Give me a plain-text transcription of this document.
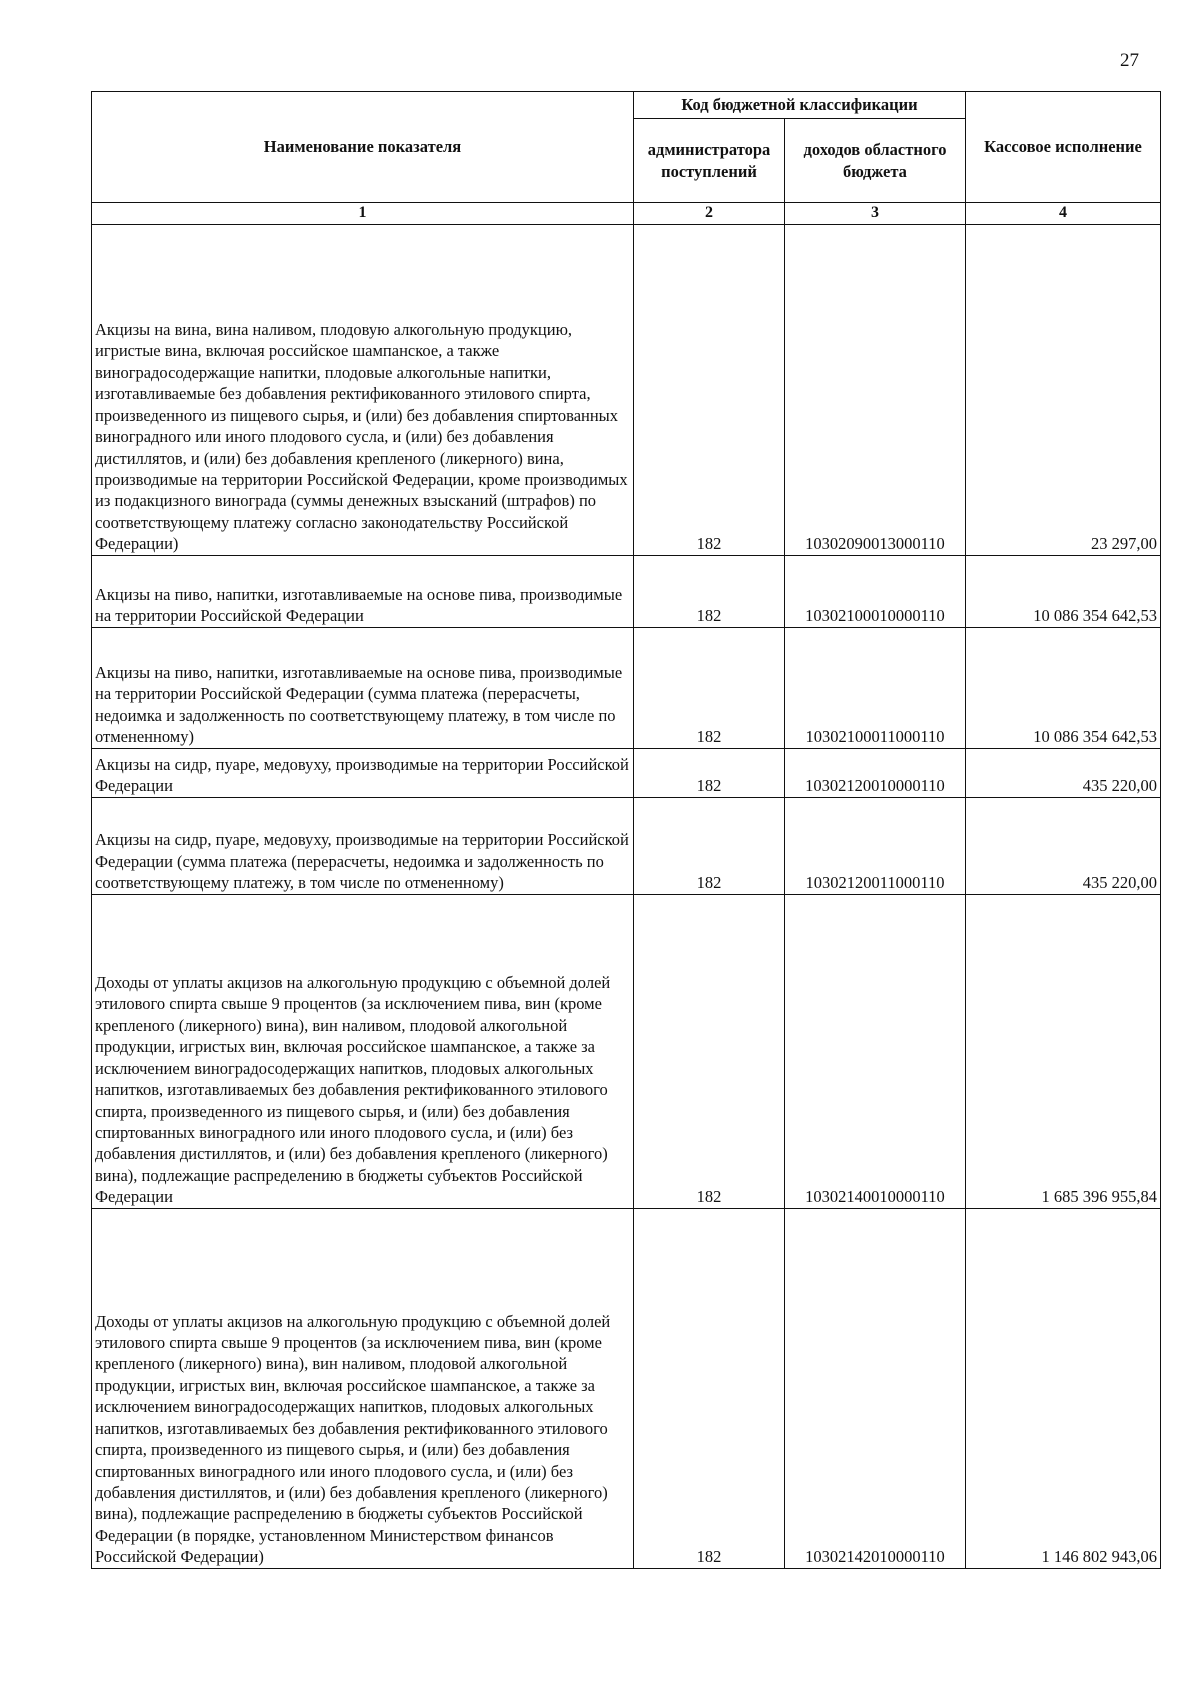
27
Наименование показателя	Код бюджетной классификации		Кассовое исполнение
	администратора поступлений	доходов областного бюджета	
1	2	3	4
Акцизы на вина, вина наливом, плодовую алкогольную продукцию, игристые вина, включая российское шампанское, а также виноградосодержащие напитки, плодовые алкогольные напитки, изготавливаемые без добавления ректификованного этилового спирта, произведенного из пищевого сырья, и (или) без добавления спиртованных виноградного или иного плодового сусла, и (или) без добавления дистиллятов, и (или) без добавления крепленого (ликерного) вина, производимые на территории Российской Федерации, кроме производимых из подакцизного винограда (суммы денежных взысканий (штрафов) по соответствующему платежу согласно законодательству Российской Федерации)	182	10302090013000110	23 297,00
Акцизы на пиво, напитки, изготавливаемые на основе пива, производимые на территории Российской Федерации	182	10302100010000110	10 086 354 642,53
Акцизы на пиво, напитки, изготавливаемые на основе пива, производимые на территории Российской Федерации (сумма платежа (перерасчеты, недоимка и задолженность по соответствующему платежу, в том числе по отмененному)	182	10302100011000110	10 086 354 642,53
Акцизы на сидр, пуаре, медовуху, производимые на территории Российской Федерации	182	10302120010000110	435 220,00
Акцизы на сидр, пуаре, медовуху, производимые на территории Российской Федерации (сумма платежа (перерасчеты, недоимка и задолженность по соответствующему платежу, в том числе по отмененному)	182	10302120011000110	435 220,00
Доходы от уплаты акцизов на алкогольную продукцию с объемной долей этилового спирта свыше 9 процентов (за исключением пива, вин (кроме крепленого (ликерного) вина), вин наливом, плодовой алкогольной продукции, игристых вин, включая российское шампанское, а также за исключением виноградосодержащих напитков, плодовых алкогольных напитков, изготавливаемых без добавления ректификованного этилового спирта, произведенного из пищевого сырья, и (или) без добавления спиртованных виноградного или иного плодового сусла, и (или) без добавления дистиллятов, и (или) без добавления крепленого (ликерного) вина), подлежащие распределению в бюджеты субъектов Российской Федерации	182	10302140010000110	1 685 396 955,84
Доходы от уплаты акцизов на алкогольную продукцию с объемной долей этилового спирта свыше 9 процентов (за исключением пива, вин (кроме крепленого (ликерного) вина), вин наливом, плодовой алкогольной продукции, игристых вин, включая российское шампанское, а также за исключением виноградосодержащих напитков, плодовых алкогольных напитков, изготавливаемых без добавления ректификованного этилового спирта, произведенного из пищевого сырья, и (или) без добавления спиртованных виноградного или иного плодового сусла, и (или) без добавления дистиллятов, и (или) без добавления крепленого (ликерного) вина), подлежащие распределению в бюджеты субъектов Российской Федерации (в порядке, установленном Министерством финансов Российской Федерации)	182	10302142010000110	1 146 802 943,06
